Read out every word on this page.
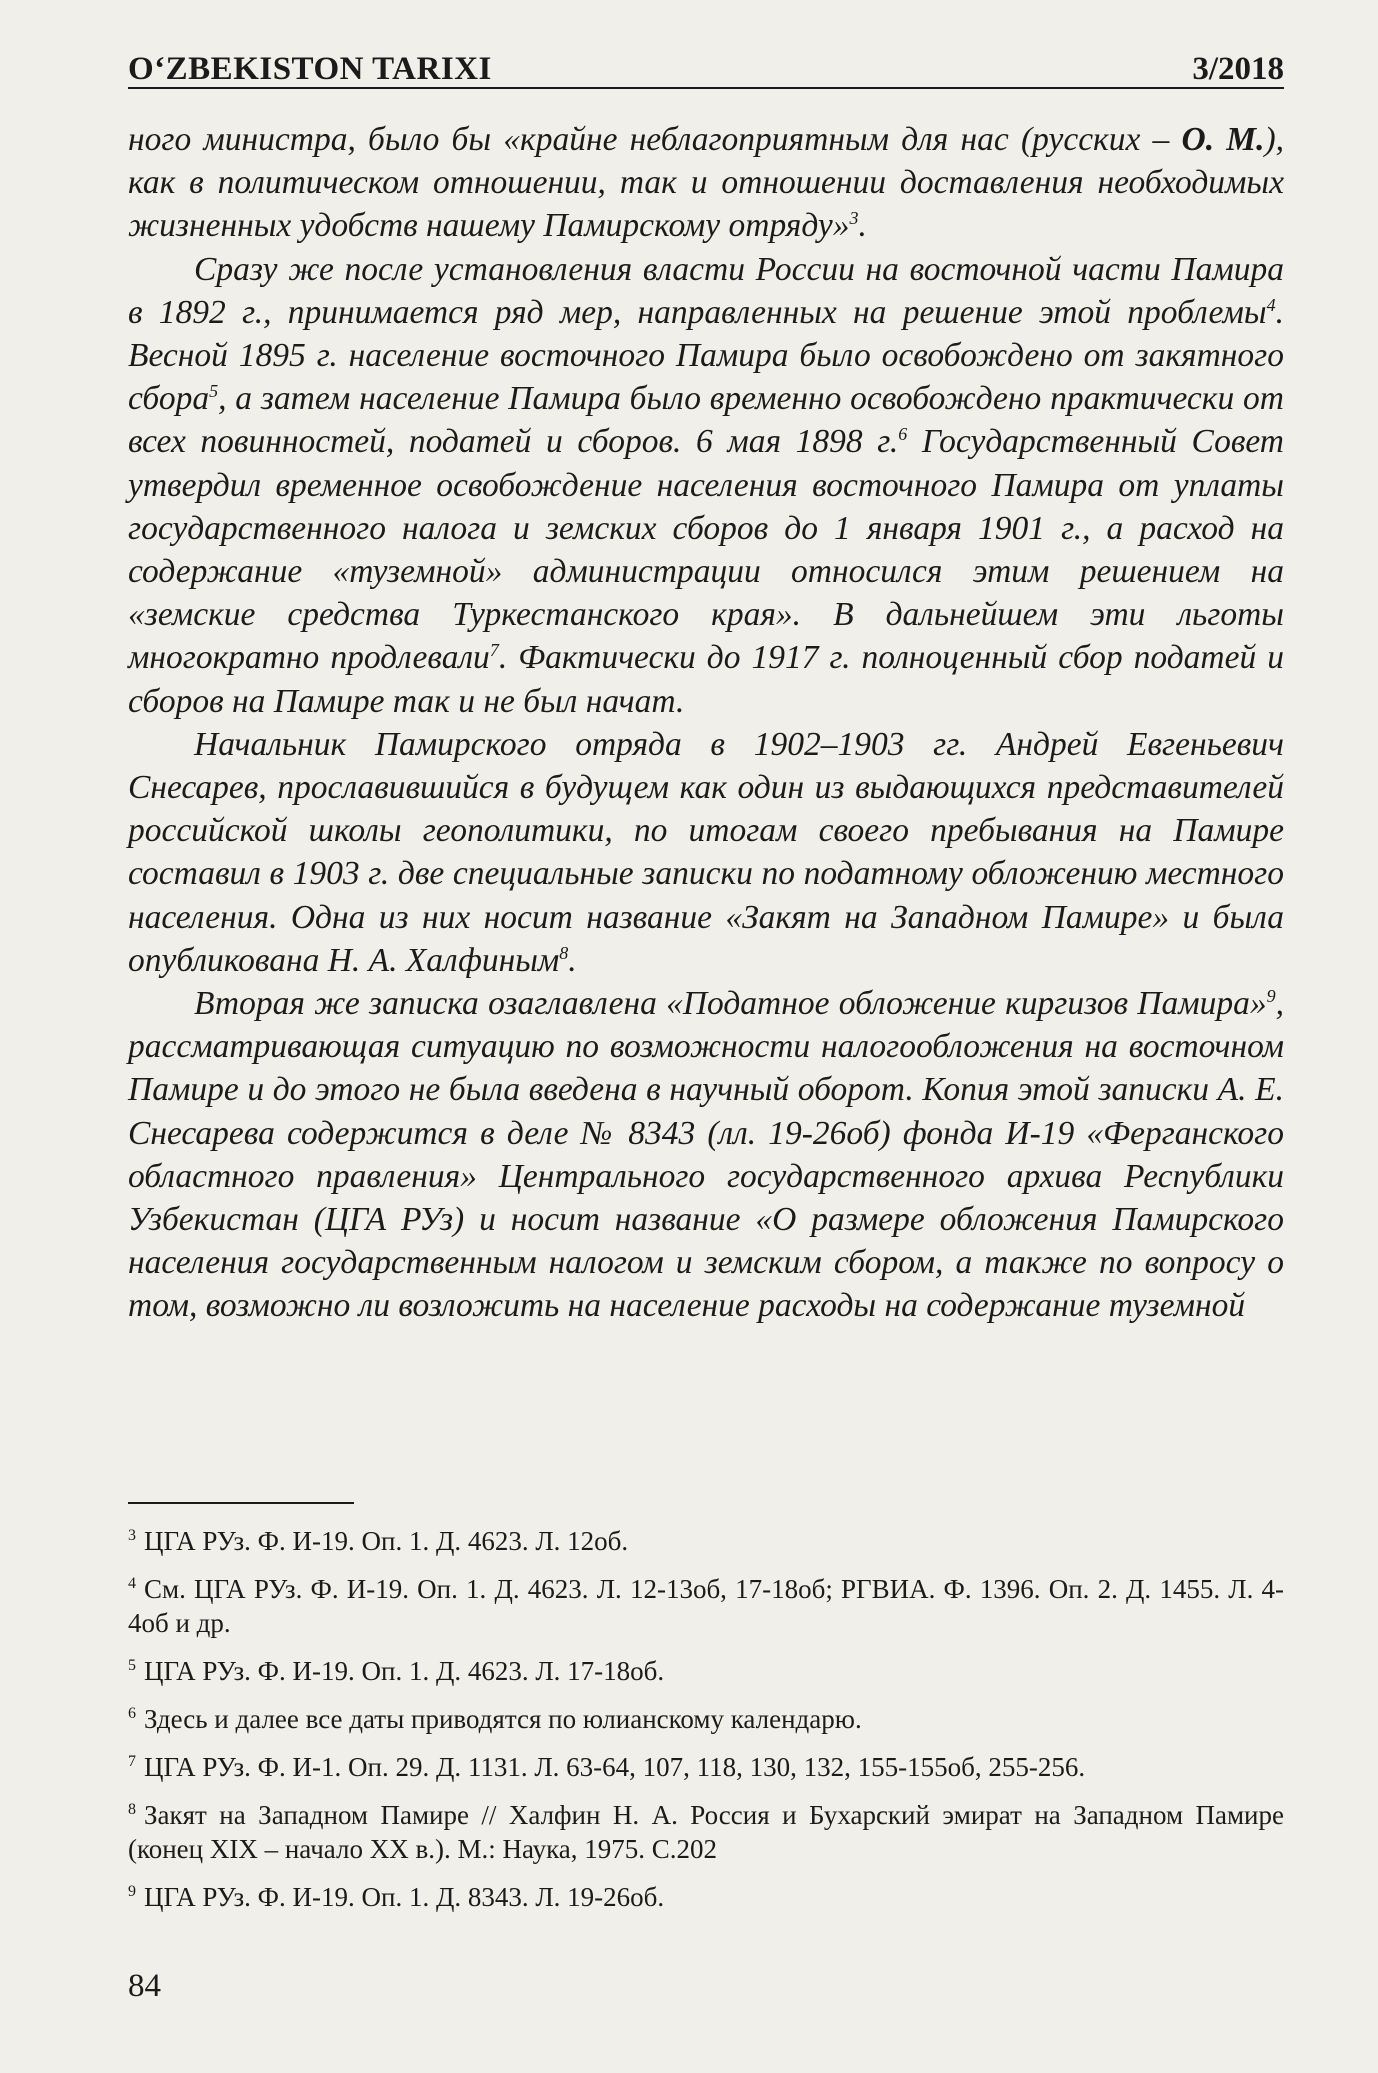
O‘ZBEKISTON TARIXI	3/2018

ного министра, было бы «крайне неблагоприятным для нас (русских – О. М.), как в политическом отношении, так и отношении доставления необходимых жизненных удобств нашему Памирскому отряду»$^3$.

Сразу же после установления власти России на восточной части Памира в 1892 г., принимается ряд мер, направленных на решение этой проблемы$^4$. Весной 1895 г. население восточного Памира было освобождено от закятного сбора$^5$, а затем население Памира было временно освобождено практически от всех повинностей, податей и сборов. 6 мая 1898 г.$^6$ Государственный Совет утвердил временное освобождение населения восточного Памира от уплаты государственного налога и земских сборов до 1 января 1901 г., а расход на содержание «туземной» администрации относился этим решением на «земские средства Туркестанского края». В дальнейшем эти льготы многократно продлевали$^7$. Фактически до 1917 г. полноценный сбор податей и сборов на Памире так и не был начат.

Начальник Памирского отряда в 1902–1903 гг. Андрей Евгеньевич Снесарев, прославившийся в будущем как один из выдающихся представителей российской школы геополитики, по итогам своего пребывания на Памире составил в 1903 г. две специальные записки по податному обложению местного населения. Одна из них носит название «Закят на Западном Памире» и была опубликована Н. А. Халфиным$^8$.

Вторая же записка озаглавлена «Податное обложение киргизов Памира»$^9$, рассматривающая ситуацию по возможности налогообложения на восточном Памире и до этого не была введена в научный оборот. Копия этой записки А. Е. Снесарева содержится в деле № 8343 (лл. 19-26об) фонда И-19 «Ферганского областного правления» Центрального государственного архива Республики Узбекистан (ЦГА РУз) и носит название «О размере обложения Памирского населения государственным налогом и земским сбором, а также по вопросу о том, возможно ли возложить на население расходы на содержание туземной

$^3$ ЦГА РУз. Ф. И-19. Оп. 1. Д. 4623. Л. 12об.

$^4$ См. ЦГА РУз. Ф. И-19. Оп. 1. Д. 4623. Л. 12-13об, 17-18об; РГВИА. Ф. 1396. Оп. 2. Д. 1455. Л. 4-4об и др.

$^5$ ЦГА РУз. Ф. И-19. Оп. 1. Д. 4623. Л. 17-18об.

$^6$ Здесь и далее все даты приводятся по юлианскому календарю.

$^7$ ЦГА РУз. Ф. И-1. Оп. 29. Д. 1131. Л. 63-64, 107, 118, 130, 132, 155-155об, 255-256.

$^8$ Закят на Западном Памире // Халфин Н. А. Россия и Бухарский эмират на Западном Памире (конец XIX – начало XX в.). М.: Наука, 1975. С.202

$^9$ ЦГА РУз. Ф. И-19. Оп. 1. Д. 8343. Л. 19-26об.

84
